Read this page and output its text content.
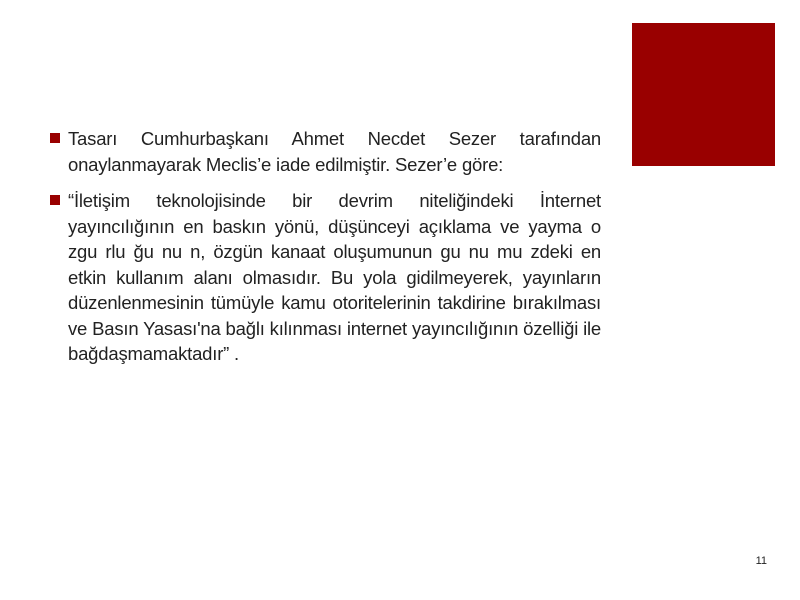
Tasarı Cumhurbaşkanı Ahmet Necdet Sezer tarafından onaylanmayarak Meclis’e iade edilmiştir. Sezer’e göre:
“İletişim teknolojisinde bir devrim niteliğindeki İnternet yayıncılığının en baskın yönü, düşünceyi açıklama ve yayma o zgu rlu ğu nu n, özgün kanaat oluşumunun gu nu mu zdeki en etkin kullanım alanı olmasıdır. Bu yola gidilmeyerek, yayınların düzenlenmesinin tümüyle kamu otoritelerinin takdirine bırakılması ve Basın Yasası'na bağlı kılınması internet yayıncılığının özelliği ile bağdaşmamaktadır” .
11
